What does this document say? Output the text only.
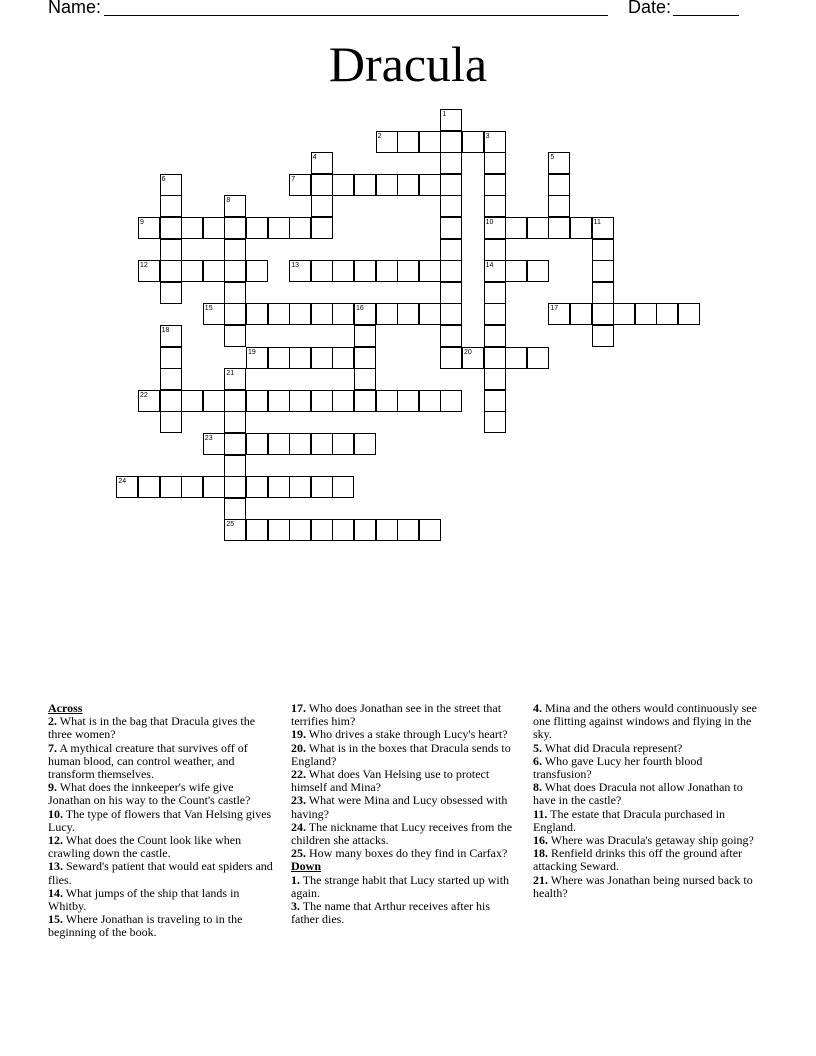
Name:	Date:
Dracula
1
2	3
4	5
6	7
8
9	10	11
12	13	14
15	16	17
18
19	20
21
22
23
24
25
Across
2. What is in the bag that Dracula gives the three women?
7. A mythical creature that survives off of human blood, can control weather, and transform themselves.
9. What does the innkeeper's wife give Jonathan on his way to the Count's castle?
10. The type of flowers that Van Helsing gives Lucy.
12. What does the Count look like when crawling down the castle.
13. Seward's patient that would eat spiders and flies.
14. What jumps of the ship that lands in Whitby.
15. Where Jonathan is traveling to in the beginning of the book.
17. Who does Jonathan see in the street that terrifies him?
19. Who drives a stake through Lucy's heart?
20. What is in the boxes that Dracula sends to England?
22. What does Van Helsing use to protect himself and Mina?
23. What were Mina and Lucy obsessed with having?
24. The nickname that Lucy receives from the children she attacks.
25. How many boxes do they find in Carfax?
Down
1. The strange habit that Lucy started up with again.
3. The name that Arthur receives after his father dies.
4. Mina and the others would continuously see one flitting against windows and flying in the sky.
5. What did Dracula represent?
6. Who gave Lucy her fourth blood transfusion?
8. What does Dracula not allow Jonathan to have in the castle?
11. The estate that Dracula purchased in England.
16. Where was Dracula's getaway ship going?
18. Renfield drinks this off the ground after attacking Seward.
21. Where was Jonathan being nursed back to health?
